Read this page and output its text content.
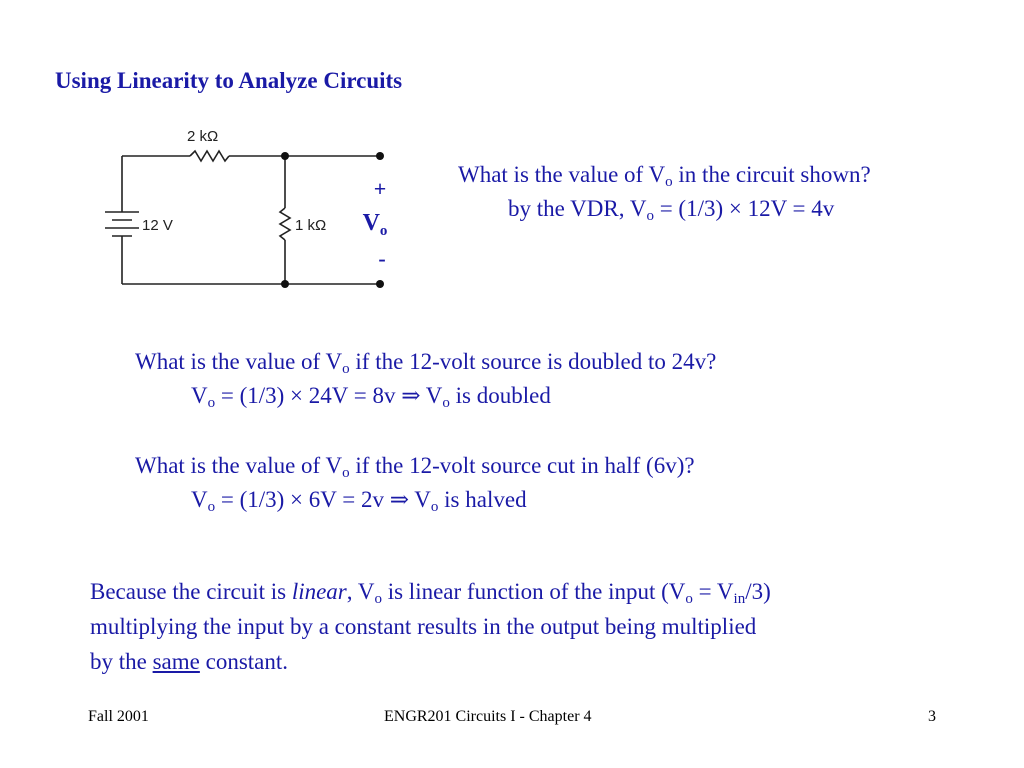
Using Linearity to Analyze Circuits
2 kΩ
12 V	1 kΩ
+
$V_o$
-
What is the value of $V_o$ in the circuit shown?
by the VDR, $V_o = (1/3) \times 12V = 4v$
What is the value of $V_o$ if the 12-volt source is doubled to 24v?
$V_o = (1/3) \times 24V = 8v$ ⇒ $V_o$ is doubled
What is the value of $V_o$ if the 12-volt source cut in half (6v)?
$V_o = (1/3) \times 6V = 2v$ ⇒ $V_o$ is halved
Because the circuit is linear, $V_o$ is linear function of the input $(V_o = V_{in}/3)$
multiplying the input by a constant results in the output being multiplied
by the same constant.
Fall 2001	ENGR201 Circuits I - Chapter 4	3
